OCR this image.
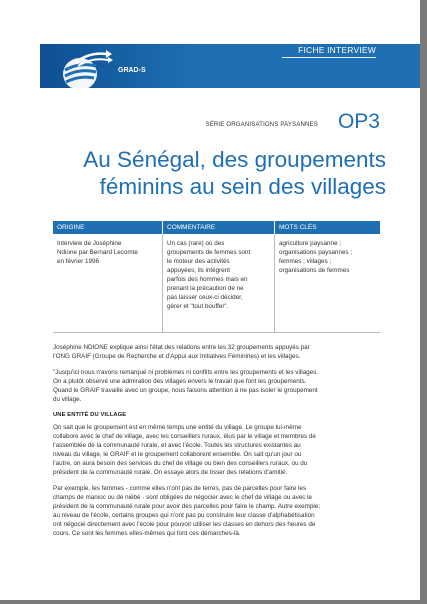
FICHE INTERVIEW
GRAD-S
SÉRIE ORGANISATIONS PAYSANNES OP3
Au Sénégal, des groupements
féminins au sein des villages
ORIGINE	COMMENTAIRE	MOTS CLÉS
Interview de Joséphine
Ndione par Bernard Lecomte
en février 1996
Un cas (rare) où des
groupements de femmes sont
le moteur des activités
appuyées; ils intègrent
parfois des hommes mais en
prenant la précaution de ne
pas laisser ceux-ci décider,
gérer et "tout bouffer".
agriculture paysanne ;
organisations paysannes ;
femmes ; villages ;
organisations de femmes

Joséphine NDIONE explique ainsi l'état des relations entre les 32 groupements appuyés par
l'ONG GRAIF (Groupe de Recherche et d'Appui aux Initiatives Féminines) et les villages.

"Jusqu'ici nous n'avons remarqué ni problèmes ni conflits entre les groupements et les villages.
On a plutôt observé une admiration des villages envers le travail que font les groupements.
Quand le GRAIF travaille avec un groupe, nous faisons attention à ne pas isoler le groupement
du village.

UNE ENTITÉ DU VILLAGE

On sait que le groupement est en même temps une entité du village. Le groupe lui-même
collabore avec le chef de village, avec les conseillers ruraux, élus par le village et membres de
l'assemblée de la communauté rurale, et avec l'école. Toutes les structures existantes au
niveau du village, le GRAIF et le groupement collaborent ensemble. On sait qu'un jour ou
l'autre, on aura besoin des services du chef de village ou bien des conseillers ruraux, ou du
président de la communauté rurale. On essaye alors de tisser des relations d'amitié.

Par exemple, les femmes - comme elles n'ont pas de terres, pas de parcelles pour faire les
champs de manioc ou de niébé - sont obligées de négocier avec le chef de village ou avec le
président de la communauté rurale pour avoir des parcelles pour faire le champ. Autre exemple;
au niveau de l'école, certains groupes qui n'ont pas pu construire leur classe d'alphabétisation
ont négocié directement avec l'école pour pouvoir utiliser les classes en dehors des heures de
cours. Ce sont les femmes elles-mêmes qui font ces démarches-là.
